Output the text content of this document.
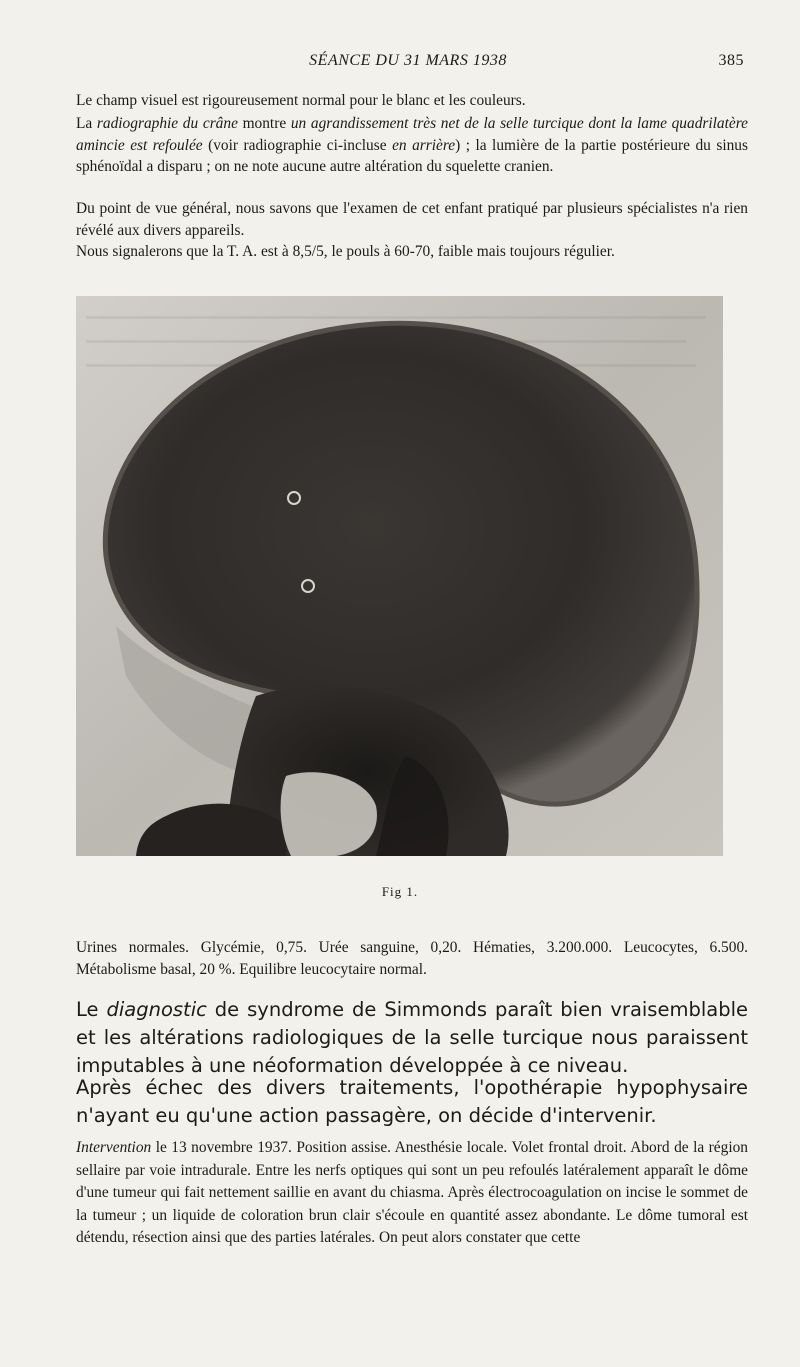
SÉANCE DU 31 MARS 1938	385

Le champ visuel est rigoureusement normal pour le blanc et les couleurs.

La radiographie du crâne montre un agrandissement très net de la selle turcique dont la lame quadrilatère amincie est refoulée (voir radiographie ci-incluse en arrière) ; la lumière de la partie postérieure du sinus sphénoïdal a disparu ; on ne note aucune autre altération du squelette cranien.

Du point de vue général, nous savons que l'examen de cet enfant pratiqué par plusieurs spécialistes n'a rien révélé aux divers appareils.

Nous signalerons que la T. A. est à 8,5/5, le pouls à 60-70, faible mais toujours régulier.

Fig 1.

Urines normales. Glycémie, 0,75. Urée sanguine, 0,20. Hématies, 3.200.000. Leucocytes, 6.500. Métabolisme basal, 20 %. Equilibre leucocytaire normal.

Le diagnostic de syndrome de Simmonds paraît bien vraisemblable et les altérations radiologiques de la selle turcique nous paraissent imputables à une néoformation développée à ce niveau.

Après échec des divers traitements, l'opothérapie hypophysaire n'ayant eu qu'une action passagère, on décide d'intervenir.

Intervention le 13 novembre 1937. Position assise. Anesthésie locale. Volet frontal droit. Abord de la région sellaire par voie intradurale. Entre les nerfs optiques qui sont un peu refoulés latéralement apparaît le dôme d'une tumeur qui fait nettement saillie en avant du chiasma. Après électrocoagulation on incise le sommet de la tumeur ; un liquide de coloration brun clair s'écoule en quantité assez abondante. Le dôme tumoral est détendu, résection ainsi que des parties latérales. On peut alors constater que cette
